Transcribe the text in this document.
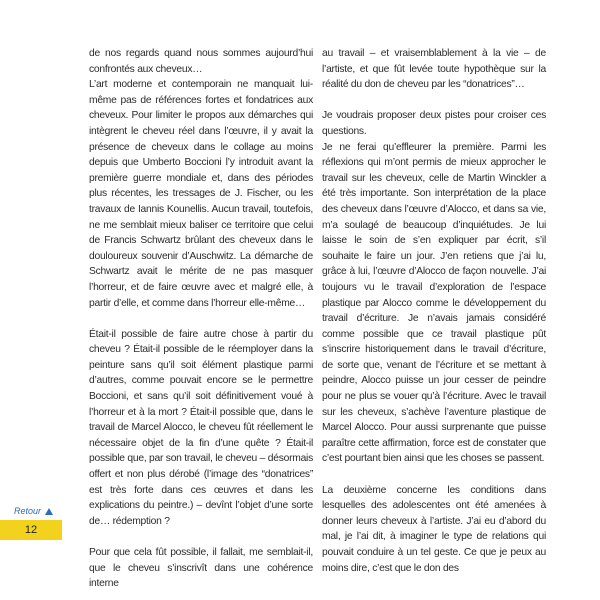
de nos regards quand nous sommes aujourd’hui confrontés aux cheveux…

L’art moderne et contemporain ne manquait lui-même pas de références fortes et fondatrices aux cheveux. Pour limiter le propos aux démarches qui intègrent le cheveu réel dans l’œuvre, il y avait la présence de cheveux dans le collage au moins depuis que Umberto Boccioni l’y introduit avant la première guerre mondiale et, dans des périodes plus récentes, les tressages de J. Fischer, ou les travaux de Iannis Kounellis. Aucun travail, toutefois, ne me semblait mieux baliser ce territoire que celui de Francis Schwartz brûlant des cheveux dans le douloureux souvenir d’Auschwitz. La démarche de Schwartz avait le mérite de ne pas masquer l’horreur, et de faire œuvre avec et malgré elle, à partir d’elle, et comme dans l’horreur elle-même…

Était-il possible de faire autre chose à partir du cheveu ? Était-il possible de le réemployer dans la peinture sans qu’il soit élément plastique parmi d’autres, comme pouvait encore se le permettre Boccioni, et sans qu’il soit définitivement voué à l’horreur et à la mort ? Était-il possible que, dans le travail de Marcel Alocco, le cheveu fût réellement le nécessaire objet de la fin d’une quête ? Était-il possible que, par son travail, le cheveu – désormais offert et non plus dérobé (l’image des “donatrices” est très forte dans ces œuvres et dans les explications du peintre.) – devînt l’objet d’une sorte de… rédemption ?

Pour que cela fût possible, il fallait, me semblait-il, que le cheveu s’inscrivît dans une cohérence interne

au travail – et vraisemblablement à la vie – de l’artiste, et que fût levée toute hypothèque sur la réalité du don de cheveu par les “donatrices”…

Je voudrais proposer deux pistes pour croiser ces questions.

Je ne ferai qu’effleurer la première. Parmi les réflexions qui m’ont permis de mieux approcher le travail sur les cheveux, celle de Martin Winckler a été très importante. Son interprétation de la place des cheveux dans l’œuvre d’Alocco, et dans sa vie, m’a soulagé de beaucoup d’inquiétudes. Je lui laisse le soin de s’en expliquer par écrit, s’il souhaite le faire un jour. J’en retiens que j’ai lu, grâce à lui, l’œuvre d’Alocco de façon nouvelle. J’ai toujours vu le travail d’exploration de l’espace plastique par Alocco comme le développement du travail d’écriture. Je n’avais jamais considéré comme possible que ce travail plastique pût s’inscrire historiquement dans le travail d’écriture, de sorte que, venant de l’écriture et se mettant à peindre, Alocco puisse un jour cesser de peindre pour ne plus se vouer qu’à l’écriture. Avec le travail sur les cheveux, s’achève l’aventure plastique de Marcel Alocco. Pour aussi surprenante que puisse paraître cette affirmation, force est de constater que c’est pourtant bien ainsi que les choses se passent.

La deuxième concerne les conditions dans lesquelles des adolescentes ont été amenées à donner leurs cheveux à l’artiste. J’ai eu d’abord du mal, je l’ai dit, à imaginer le type de relations qui pouvait conduire à un tel geste. Ce que je peux au moins dire, c’est que le don des

Retour
12
